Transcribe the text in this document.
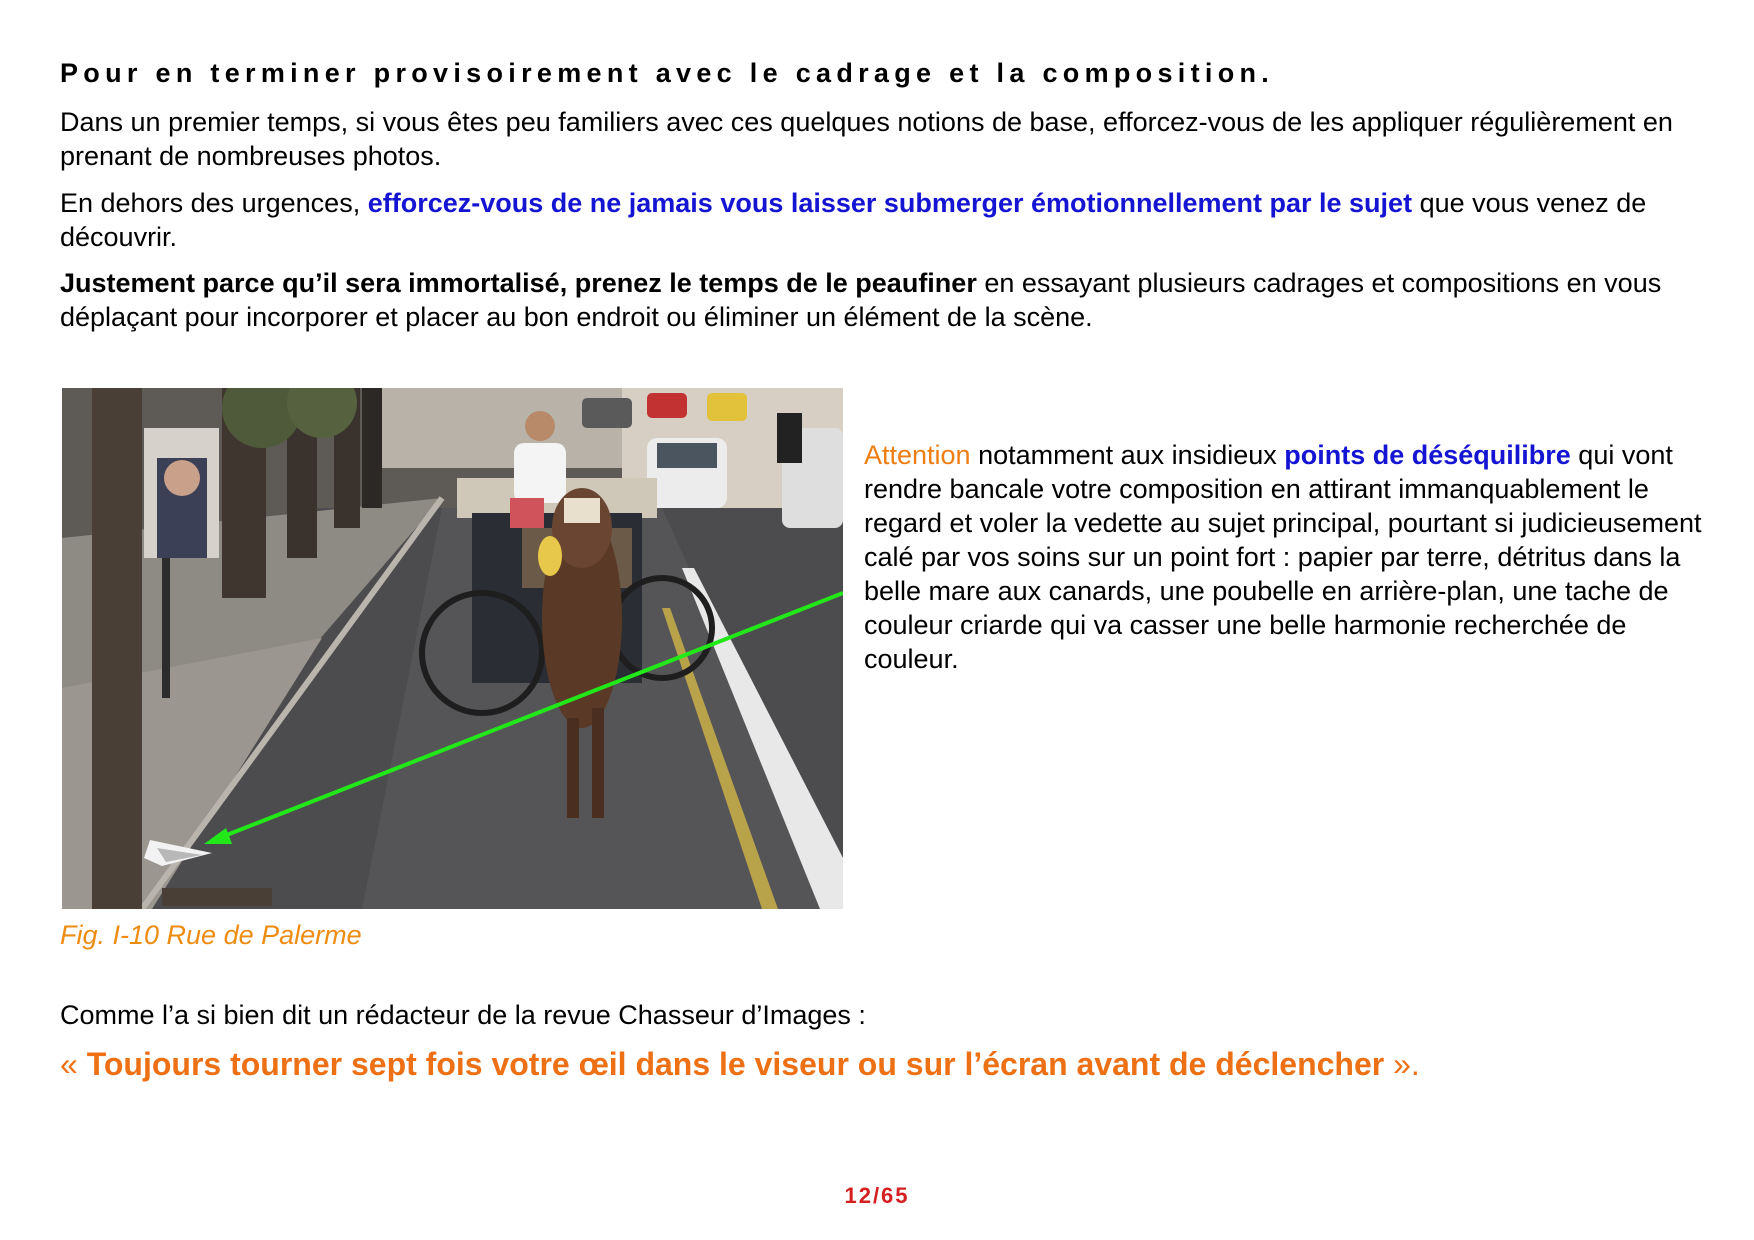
Pour en terminer provisoirement avec le cadrage et la composition.

Dans un premier temps, si vous êtes peu familiers avec ces quelques notions de base, efforcez-vous de les appliquer régulièrement en prenant de nombreuses photos.

En dehors des urgences, efforcez-vous de ne jamais vous laisser submerger émotionnellement par le sujet que vous venez de découvrir.

Justement parce qu’il sera immortalisé, prenez le temps de le peaufiner en essayant plusieurs cadrages et compositions en vous déplaçant pour incorporer et placer au bon endroit ou éliminer un élément de la scène.

Fig. I-10 Rue de Palerme

Attention notamment aux insidieux points de déséquilibre qui vont rendre bancale votre composition en attirant immanquablement le regard et voler la vedette au sujet principal, pourtant si judicieusement calé par vos soins sur un point fort : papier par terre, détritus dans la belle mare aux canards, une poubelle en arrière-plan, une tache de couleur criarde qui va casser une belle harmonie recherchée de couleur.

Comme l’a si bien dit un rédacteur de la revue Chasseur d’Images :

« Toujours tourner sept fois votre œil dans le viseur ou sur l’écran avant de déclencher ».

12/65
